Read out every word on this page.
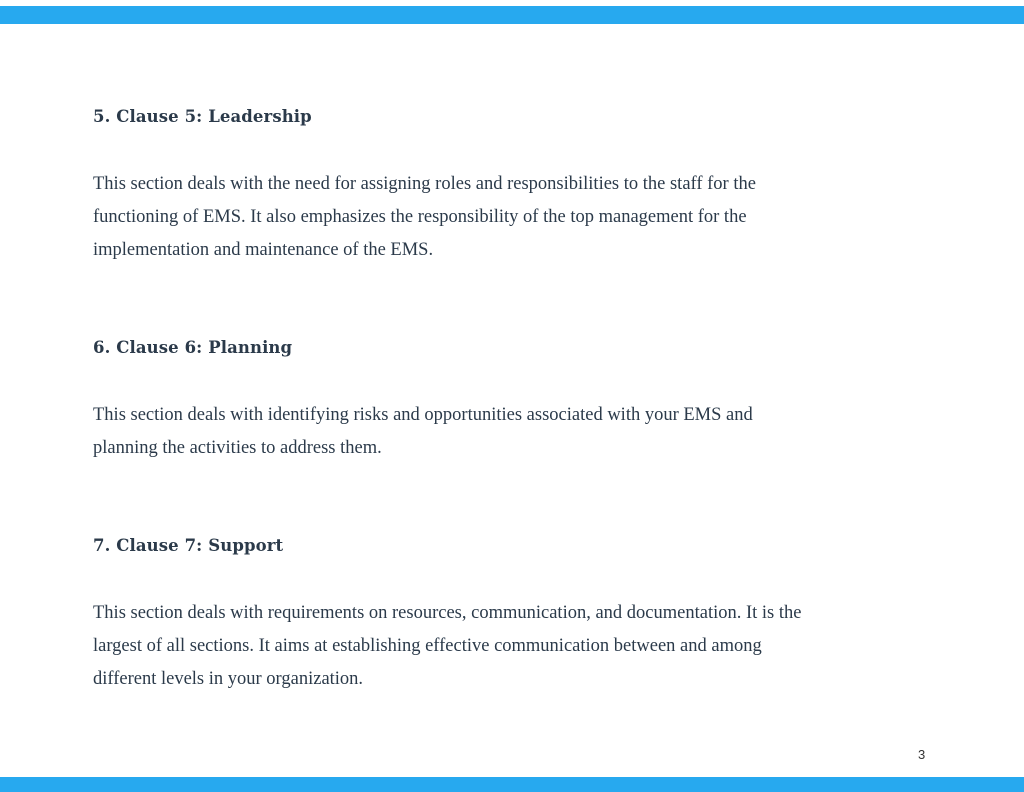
5. Clause 5: Leadership
This section deals with the need for assigning roles and responsibilities to the staff for the
functioning of EMS. It also emphasizes the responsibility of the top management for the
implementation and maintenance of the EMS.
6. Clause 6: Planning
This section deals with identifying risks and opportunities associated with your EMS and
planning the activities to address them.
7. Clause 7: Support
This section deals with requirements on resources, communication, and documentation. It is the
largest of all sections. It aims at establishing effective communication between and among
different levels in your organization.
3
